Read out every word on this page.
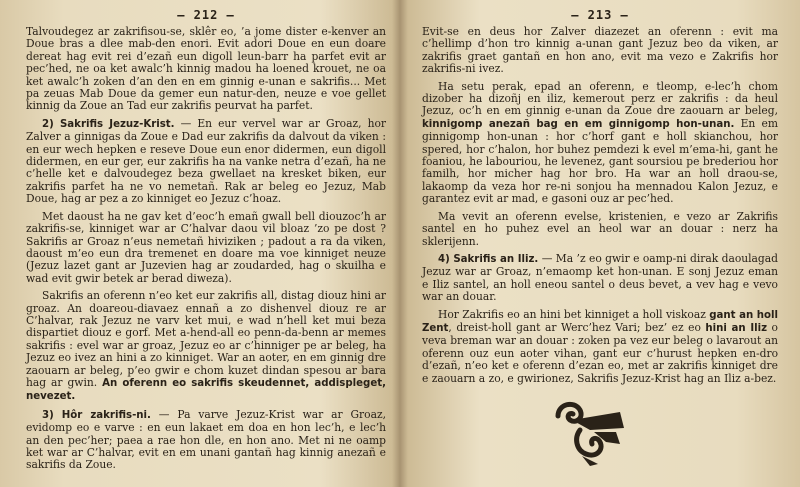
— 212 —

Talvoudegez ar zakrifisou-se, sklêr eo, ’a jome dister e-kenver an Doue bras a dlee mab-den enori. Evit adori Doue en eun doare dereat hag evit rei d’ezañ eun digoll leun-barr ha parfet evit ar pec’hed, ne oa ket awalc’h kinnig madou ha loened krouet, ne oa ket awalc’h zoken d’an den en em ginnig e-unan e sakrifis... Met pa zeuas Mab Doue da gemer eun natur-den, neuze e voe gellet kinnig da Zoue an Tad eur zakrifis peurvat ha parfet.

2) Sakrifis Jezuz-Krist. — En eur vervel war ar Groaz, hor Zalver a ginnigas da Zoue e Dad eur zakrifis da dalvout da viken : en eur wech hepken e reseve Doue eun enor didermen, eun digoll didermen, en eur ger, eur zakrifis ha na vanke netra d’ezañ, ha ne c’helle ket e dalvoudegez beza gwellaet na kresket biken, eur zakrifis parfet ha ne vo nemetañ. Rak ar beleg eo Jezuz, Mab Doue, hag ar pez a zo kinniget eo Jezuz c’hoaz.

Met daoust ha ne gav ket d’eoc’h emañ gwall bell diouzoc’h ar zakrifis-se, kinniget war ar C’halvar daou vil bloaz ’zo pe dost ? Sakrifis ar Groaz n’eus nemetañ hiviziken ; padout a ra da viken, daoust m’eo eun dra tremenet en doare ma voe kinniget neuze (Jezuz lazet gant ar Juzevien hag ar zoudarded, hag o skuilha e wad evit gwir betek ar berad diweza).

Sakrifis an oferenn n’eo ket eur zakrifis all, distag diouz hini ar groaz. An doareou-diavaez ennañ a zo dishenvel diouz re ar C’halvar, rak Jezuz ne varv ket mui, e wad n’hell ket mui beza dispartiet diouz e gorf. Met a-hend-all eo penn-da-benn ar memes sakrifis : evel war ar groaz, Jezuz eo ar c’hinniger pe ar beleg, ha Jezuz eo ivez an hini a zo kinniget. War an aoter, en em ginnig dre zaouarn ar beleg, p’eo gwir e chom kuzet dindan spesou ar bara hag ar gwin. An oferenn eo sakrifis skeudennet, addispleget, nevezet.

3) Hôr zakrifis-ni. — Pa varve Jezuz-Krist war ar Groaz, evidomp eo e varve : en eun lakaet em doa en hon lec’h, e lec’h an den pec’her; paea a rae hon dle, en hon ano. Met ni ne oamp ket war ar C’halvar, evit en em unani gantañ hag kinnig anezañ e sakrifis da Zoue.

— 213 —

Evit-se en deus hor Zalver diazezet an oferenn : evit ma c’hellimp d’hon tro kinnig a-unan gant Jezuz beo da viken, ar zakrifis graet gantañ en hon ano, evit ma vezo e Zakrifis hor zakrifis-ni ivez.

Ha setu perak, epad an oferenn, e tleomp, e-lec’h chom dizober ha dizoñj en iliz, kemerout perz er zakrifis : da heul Jezuz, oc’h en em ginnig e-unan da Zoue dre zaouarn ar beleg, kinnigomp anezañ bag en em ginnigomp hon-unan. En em ginnigomp hon-unan : hor c’horf gant e holl skianchou, hor spered, hor c’halon, hor buhez pemdezi k evel m’ema-hi, gant he foaniou, he labouriou, he levenez, gant soursiou pe brederiou hor familh, hor micher hag hor bro. Ha war an holl draou-se, lakaomp da veza hor re-ni sonjou ha mennadou Kalon Jezuz, e garantez evit ar mad, e gasoni ouz ar pec’hed.

Ma vevit an oferenn evelse, kristenien, e vezo ar Zakrifis santel en ho puhez evel an heol war an douar : nerz ha sklerijenn.

4) Sakrifis an Iliz. — Ma ’z eo gwir e oamp-ni dirak daoulagad Jezuz war ar Groaz, n’emaomp ket hon-unan. E sonj Jezuz eman e Iliz santel, an holl eneou santel o deus bevet, a vev hag e vevo war an douar.

Hor Zakrifis eo an hini bet kinniget a holl viskoaz gant an holl Zent, dreist-holl gant ar Werc’hez Vari; bez’ ez eo hini an Iliz o veva breman war an douar : zoken pa vez eur beleg o lavarout an oferenn ouz eun aoter vihan, gant eur c’hurust hepken en-dro d’ezañ, n’eo ket e oferenn d’ezan eo, met ar zakrifis kinniget dre e zaouarn a zo, e gwirionez, Sakrifis Jezuz-Krist hag an Iliz a-bez.
